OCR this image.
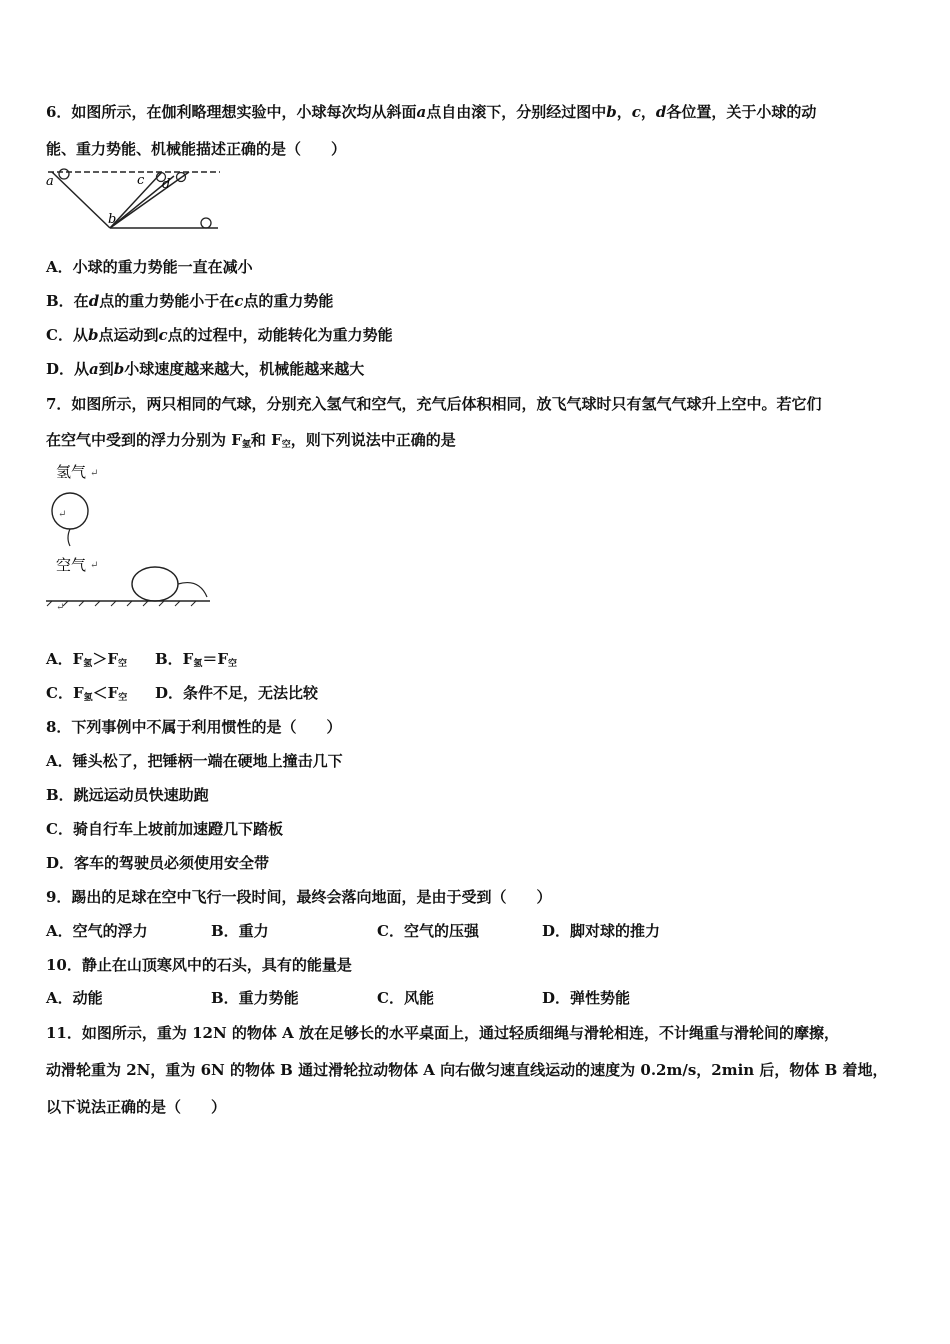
6．如图所示，在伽利略理想实验中，小球每次均从斜面a点自由滚下，分别经过图中b，c，d各位置，关于小球的动
能、重力势能、机械能描述正确的是（　　）
a
b
c d
A．小球的重力势能一直在减小
B．在d点的重力势能小于在c点的重力势能
C．从b点运动到c点的过程中，动能转化为重力势能
D．从a到b小球速度越来越大，机械能越来越大
7．如图所示，两只相同的气球，分别充入氢气和空气，充气后体积相同，放飞气球时只有氢气气球升上空中。若它们
在空气中受到的浮力分别为 $F_氢$和 $F_空$，则下列说法中正确的是
氢气 ↵
↵
空气 ↵
↵
A．$F_氢>F_空$ B．$F_氢=F_空$
C．$F_氢<F_空$ D．条件不足，无法比较
8．下列事例中不属于利用惯性的是（　　）
A．锤头松了，把锤柄一端在硬地上撞击几下
B．跳远运动员快速助跑
C．骑自行车上坡前加速蹬几下踏板
D．客车的驾驶员必须使用安全带
9．踢出的足球在空中飞行一段时间，最终会落向地面，是由于受到（　　）
A．空气的浮力	B．重力	C．空气的压强	D．脚对球的推力
10．静止在山顶寒风中的石头，具有的能量是
A．动能	B．重力势能	C．风能	D．弹性势能
11．如图所示，重为 12N 的物体 A 放在足够长的水平桌面上，通过轻质细绳与滑轮相连，不计绳重与滑轮间的摩擦，
动滑轮重为 2N，重为 6N 的物体 B 通过滑轮拉动物体 A 向右做匀速直线运动的速度为 0.2m/s，2min 后，物体 B 着地，
以下说法正确的是（　　）
